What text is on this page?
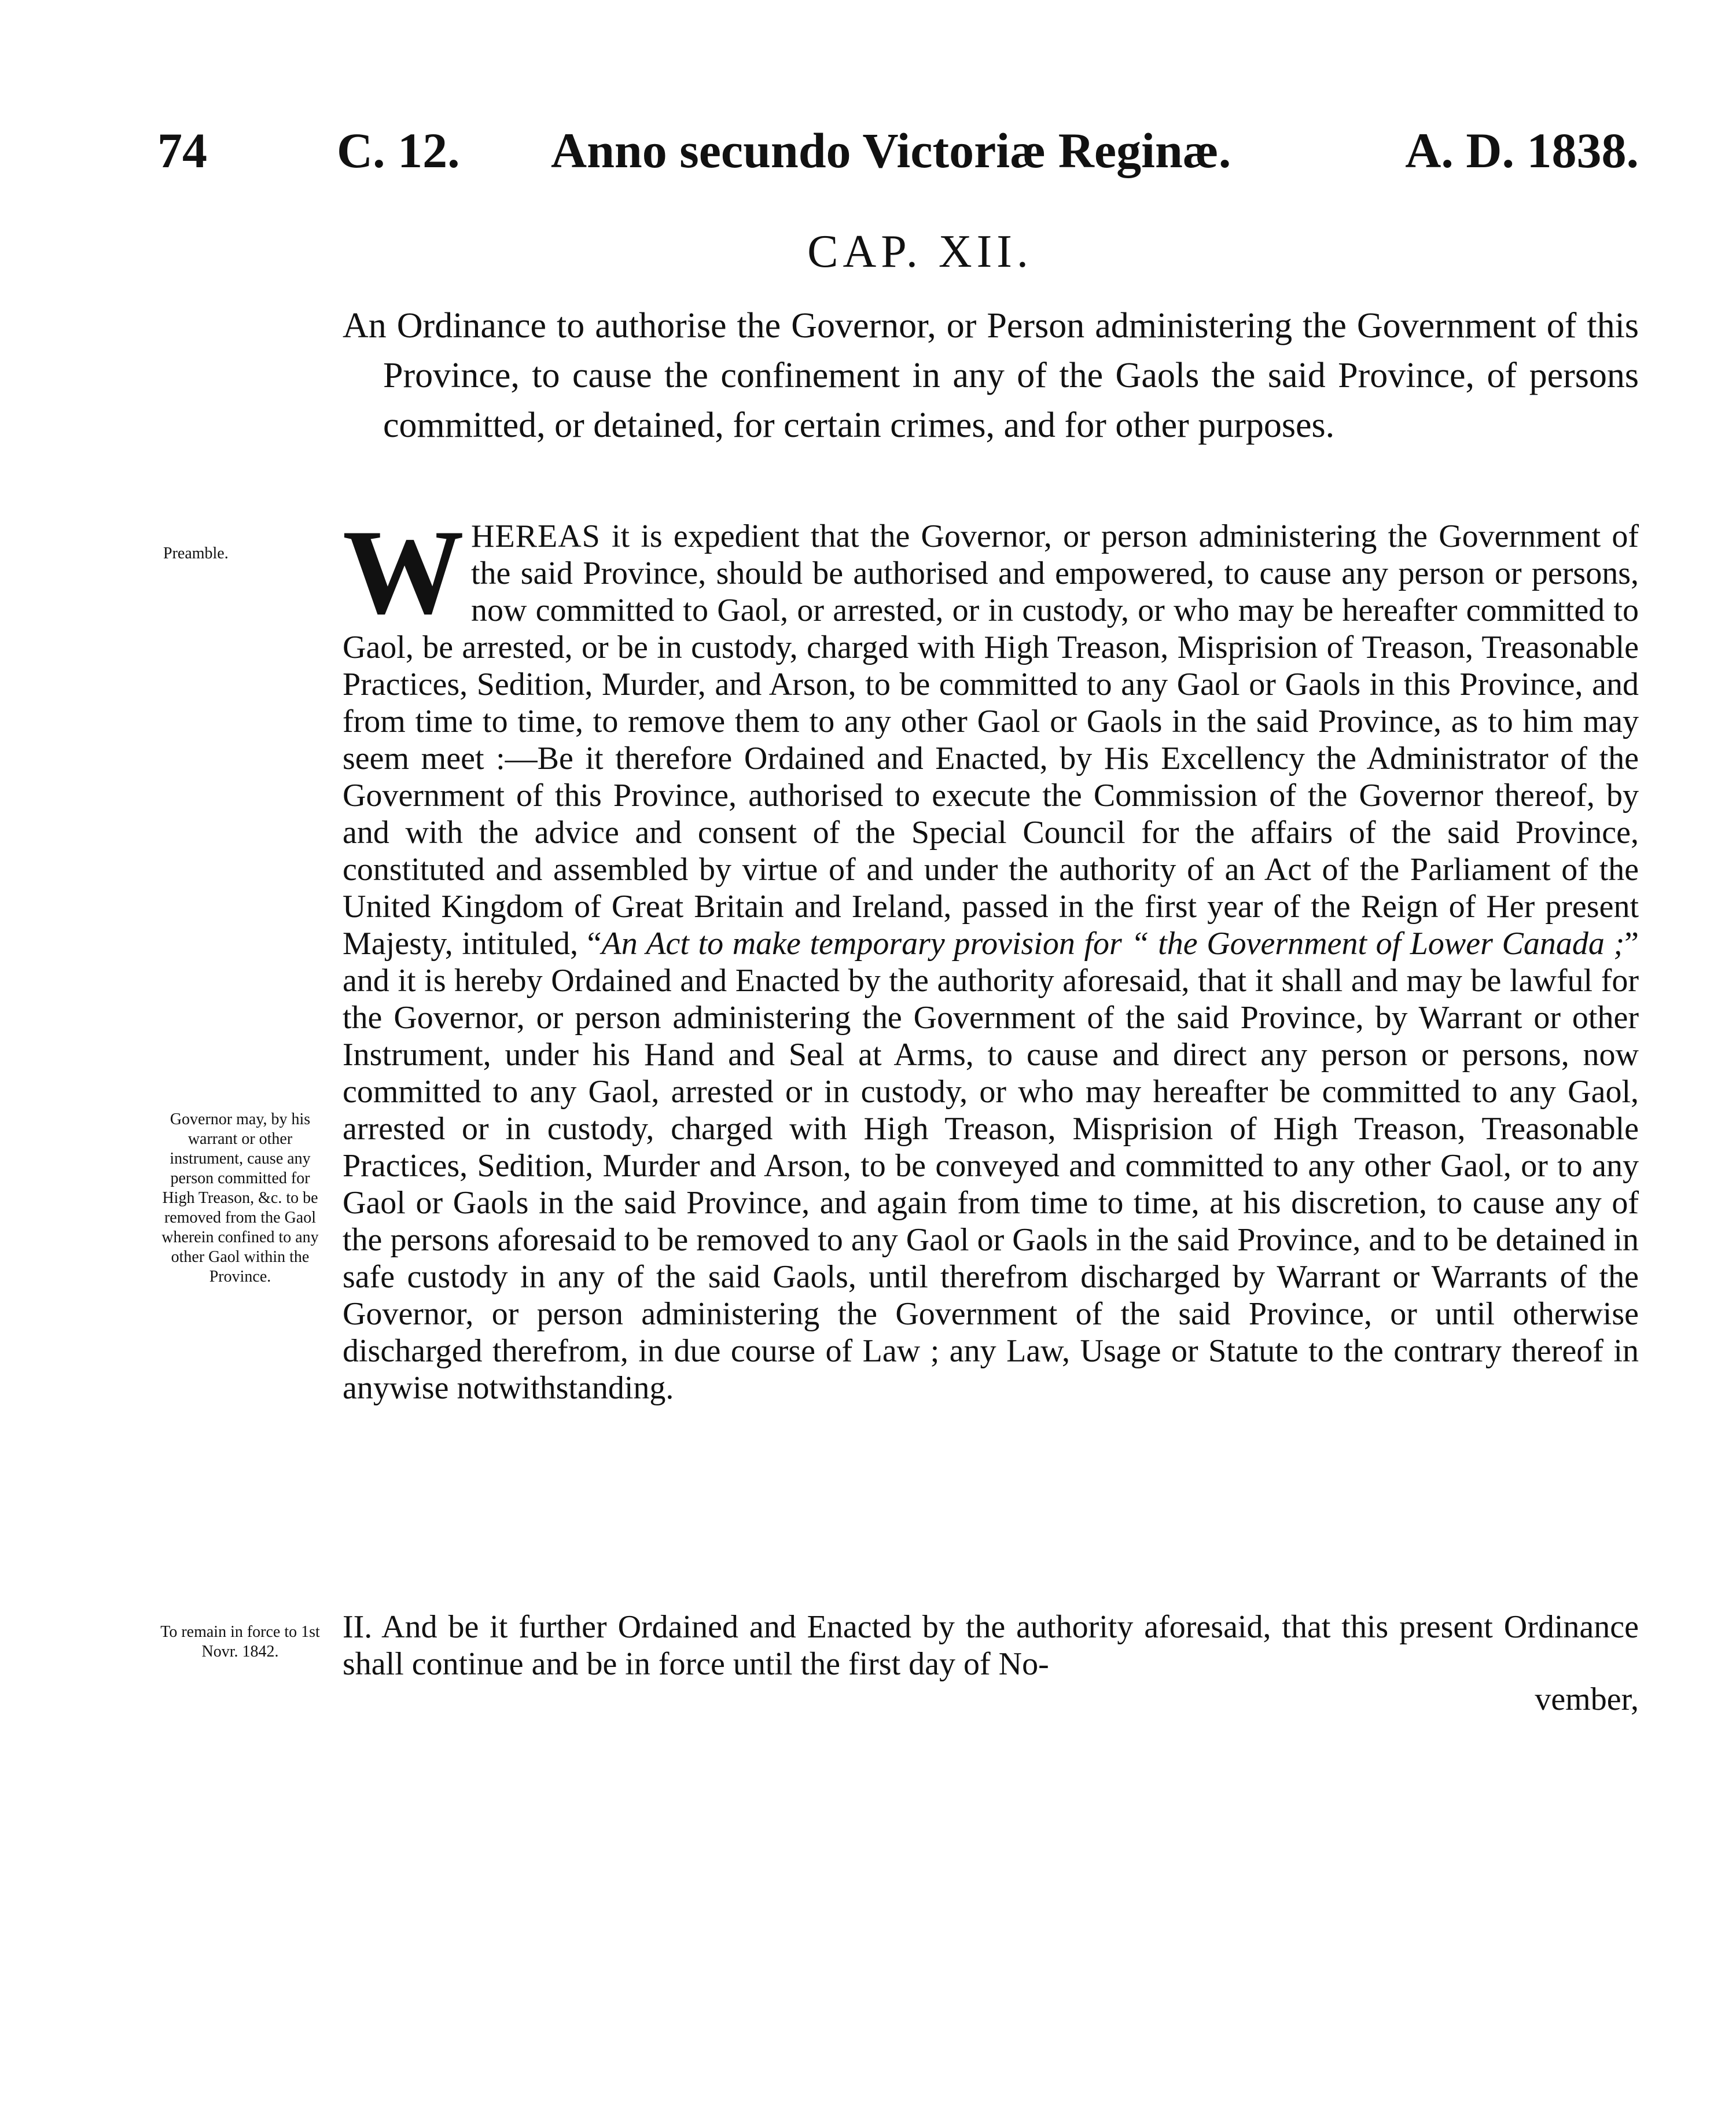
74	C. 12. Anno secundo Victoriæ Reginæ.	A. D. 1838.
CAP. XII.
An Ordinance to authorise the Governor, or Person administering the Government of this Province, to cause the confinement in any of the Gaols the said Province, of persons committed, or detained, for certain crimes, and for other purposes.
Preamble.
Governor may, by his warrant or other instrument, cause any person committed for High Treason, &c. to be removed from the Gaol wherein confined to any other Gaol within the Province.
To remain in force to 1st Novr. 1842.
W HEREAS it is expedient that the Governor, or person administering the Government of the said Province, should be authorised and empowered, to cause any person or persons, now committed to Gaol, or arrested, or in custody, or who may be hereafter committed to Gaol, be arrested, or be in custody, charged with High Treason, Misprision of Treason, Treasonable Practices, Sedition, Murder, and Arson, to be committed to any Gaol or Gaols in this Province, and from time to time, to remove them to any other Gaol or Gaols in the said Province, as to him may seem meet :—Be it therefore Ordained and Enacted, by His Excellency the Administrator of the Government of this Province, authorised to execute the Commission of the Governor thereof, by and with the advice and consent of the Special Council for the affairs of the said Province, constituted and assembled by virtue of and under the authority of an Act of the Parliament of the United Kingdom of Great Britain and Ireland, passed in the first year of the Reign of Her present Majesty, intituled, “An Act to make temporary provision for “ the Government of Lower Canada ;” and it is hereby Ordained and Enacted by the authority aforesaid, that it shall and may be lawful for the Governor, or person administering the Government of the said Province, by Warrant or other Instrument, under his Hand and Seal at Arms, to cause and direct any person or persons, now committed to any Gaol, arrested or in custody, or who may hereafter be committed to any Gaol, arrested or in custody, charged with High Treason, Misprision of High Treason, Treasonable Practices, Sedition, Murder and Arson, to be conveyed and committed to any other Gaol, or to any Gaol or Gaols in the said Province, and again from time to time, at his discretion, to cause any of the persons aforesaid to be removed to any Gaol or Gaols in the said Province, and to be detained in safe custody in any of the said Gaols, until therefrom discharged by Warrant or Warrants of the Governor, or person administering the Government of the said Province, or until otherwise discharged therefrom, in due course of Law ; any Law, Usage or Statute to the contrary thereof in anywise notwithstanding.
II. And be it further Ordained and Enacted by the authority aforesaid, that this present Ordinance shall continue and be in force until the first day of No-
vember,
